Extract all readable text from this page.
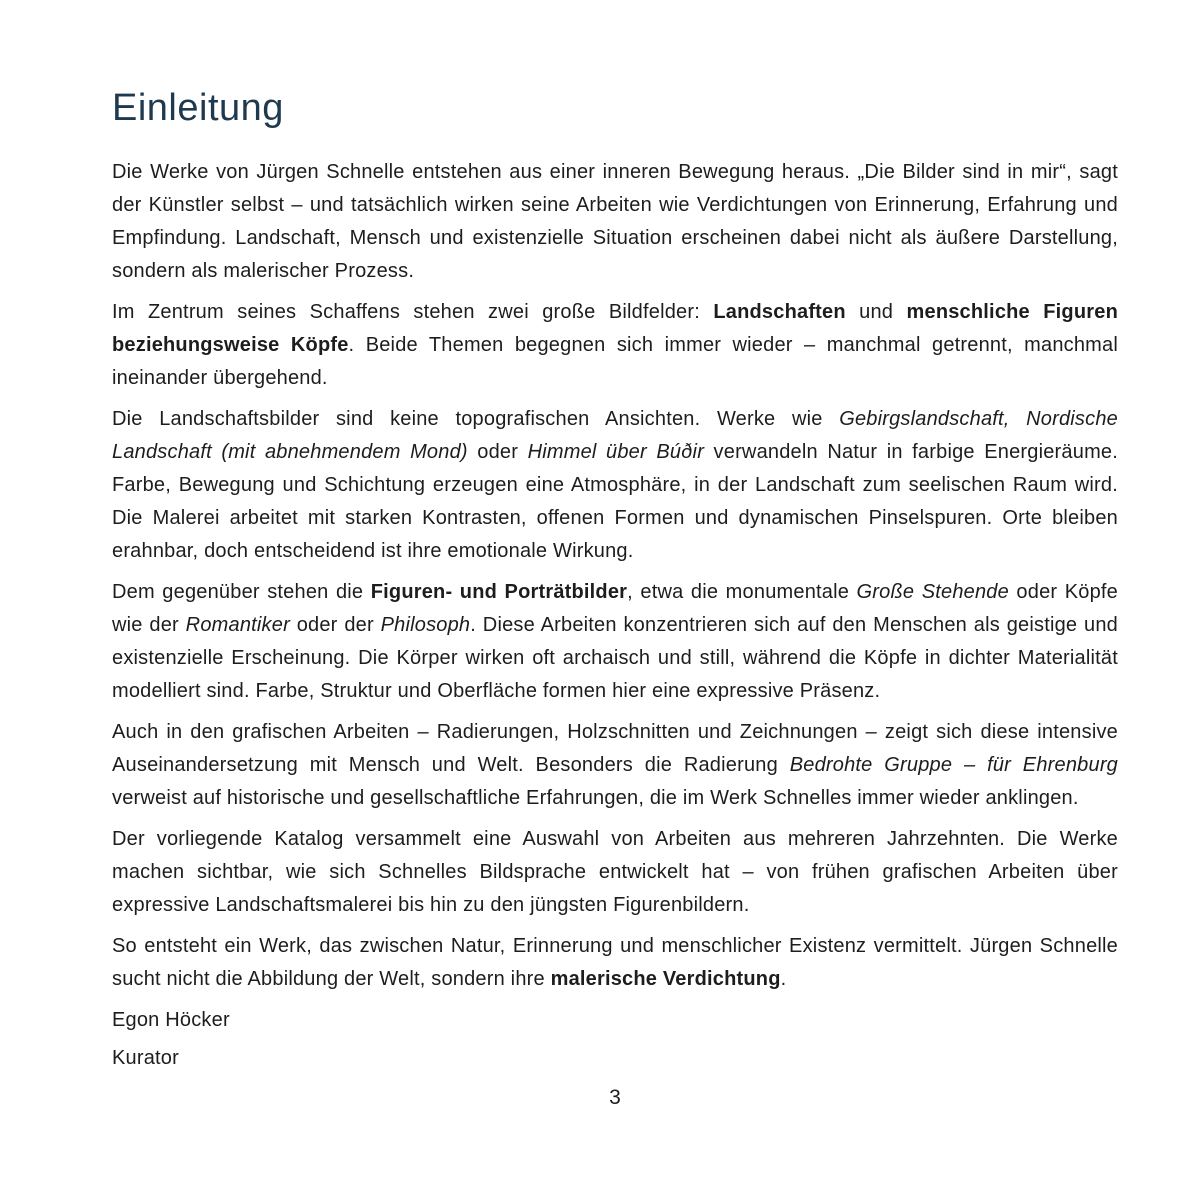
Einleitung

Die Werke von Jürgen Schnelle entstehen aus einer inneren Bewegung heraus. „Die Bilder sind in mir“, sagt der Künstler selbst – und tatsächlich wirken seine Arbeiten wie Verdichtungen von Erinnerung, Erfahrung und Empfindung. Landschaft, Mensch und existenzielle Situation erscheinen dabei nicht als äußere Darstellung, sondern als malerischer Prozess.

Im Zentrum seines Schaffens stehen zwei große Bildfelder: Landschaften und menschliche Figuren beziehungsweise Köpfe. Beide Themen begegnen sich immer wieder – manchmal getrennt, manchmal ineinander übergehend.

Die Landschaftsbilder sind keine topografischen Ansichten. Werke wie Gebirgslandschaft, Nordische Landschaft (mit abnehmendem Mond) oder Himmel über Búðir verwandeln Natur in farbige Energieräume. Farbe, Bewegung und Schichtung erzeugen eine Atmosphäre, in der Landschaft zum seelischen Raum wird. Die Malerei arbeitet mit starken Kontrasten, offenen Formen und dynamischen Pinselspuren. Orte bleiben erahnbar, doch entscheidend ist ihre emotionale Wirkung.

Dem gegenüber stehen die Figuren- und Porträtbilder, etwa die monumentale Große Stehende oder Köpfe wie der Romantiker oder der Philosoph. Diese Arbeiten konzentrieren sich auf den Menschen als geistige und existenzielle Erscheinung. Die Körper wirken oft archaisch und still, während die Köpfe in dichter Materialität modelliert sind. Farbe, Struktur und Oberfläche formen hier eine expressive Präsenz.

Auch in den grafischen Arbeiten – Radierungen, Holzschnitten und Zeichnungen – zeigt sich diese intensive Auseinandersetzung mit Mensch und Welt. Besonders die Radierung Bedrohte Gruppe – für Ehrenburg verweist auf historische und gesellschaftliche Erfahrungen, die im Werk Schnelles immer wieder anklingen.

Der vorliegende Katalog versammelt eine Auswahl von Arbeiten aus mehreren Jahrzehnten. Die Werke machen sichtbar, wie sich Schnelles Bildsprache entwickelt hat – von frühen grafischen Arbeiten über expressive Landschaftsmalerei bis hin zu den jüngsten Figurenbildern.

So entsteht ein Werk, das zwischen Natur, Erinnerung und menschlicher Existenz vermittelt. Jürgen Schnelle sucht nicht die Abbildung der Welt, sondern ihre malerische Verdichtung.

Egon Höcker

Kurator

3
